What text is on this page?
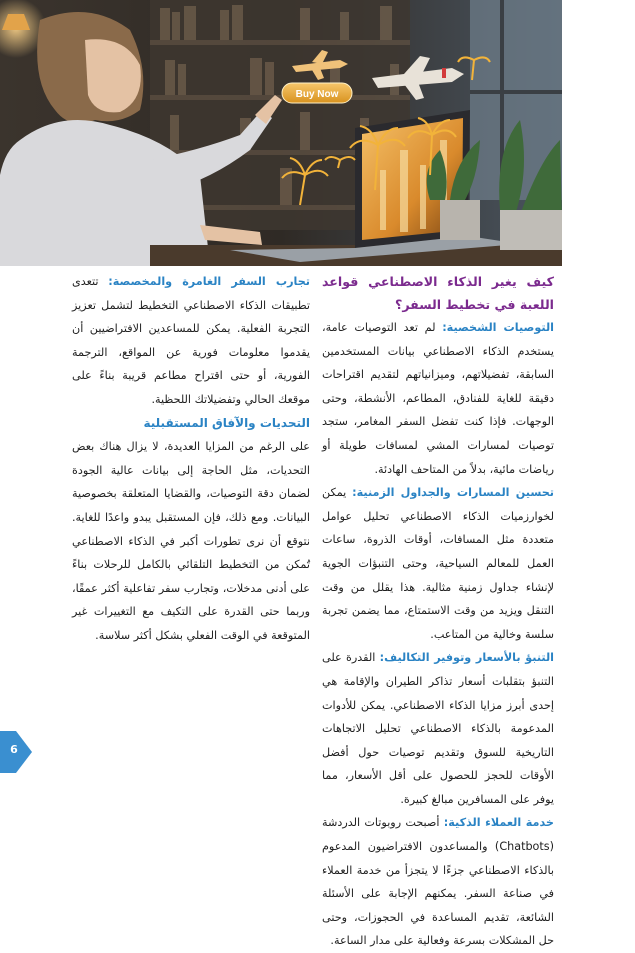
Buy Now

كيف يغير الذكاء الاصطناعي قواعد اللعبة في تخطيط السفر؟

التوصيات الشخصية: لم تعد التوصيات عامة، يستخدم الذكاء الاصطناعي بيانات المستخدمين السابقة، تفضيلاتهم، وميزانياتهم لتقديم اقتراحات دقيقة للغاية للفنادق، المطاعم، الأنشطة، وحتى الوجهات. فإذا كنت تفضل السفر المغامر، ستجد توصيات لمسارات المشي لمسافات طويلة أو رياضات مائية، بدلاً من المتاحف الهادئة.

تحسين المسارات والجداول الزمنية: يمكن لخوارزميات الذكاء الاصطناعي تحليل عوامل متعددة مثل المسافات، أوقات الذروة، ساعات العمل للمعالم السياحية، وحتى التنبؤات الجوية لإنشاء جداول زمنية مثالية. هذا يقلل من وقت التنقل ويزيد من وقت الاستمتاع، مما يضمن تجربة سلسة وخالية من المتاعب.

التنبؤ بالأسعار وتوفير التكاليف: القدرة على التنبؤ بتقلبات أسعار تذاكر الطيران والإقامة هي إحدى أبرز مزايا الذكاء الاصطناعي. يمكن للأدوات المدعومة بالذكاء الاصطناعي تحليل الاتجاهات التاريخية للسوق وتقديم توصيات حول أفضل الأوقات للحجز للحصول على أقل الأسعار، مما يوفر على المسافرين مبالغ كبيرة.

خدمة العملاء الذكية: أصبحت روبوتات الدردشة (Chatbots) والمساعدون الافتراضيون المدعوم بالذكاء الاصطناعي جزءًا لا يتجزأ من خدمة العملاء في صناعة السفر. يمكنهم الإجابة على الأسئلة الشائعة، تقديم المساعدة في الحجوزات، وحتى حل المشكلات بسرعة وفعالية على مدار الساعة.

تجارب السفر الغامرة والمخصصة: تتعدى تطبيقات الذكاء الاصطناعي التخطيط لتشمل تعزيز التجربة الفعلية. يمكن للمساعدين الافتراضيين أن يقدموا معلومات فورية عن المواقع، الترجمة الفورية، أو حتى اقتراح مطاعم قريبة بناءً على موقعك الحالي وتفضيلاتك اللحظية.

التحديات والآفاق المستقبلية

على الرغم من المزايا العديدة، لا يزال هناك بعض التحديات، مثل الحاجة إلى بيانات عالية الجودة لضمان دقة التوصيات، والقضايا المتعلقة بخصوصية البيانات. ومع ذلك، فإن المستقبل يبدو واعدًا للغاية. نتوقع أن نرى تطورات أكبر في الذكاء الاصطناعي تُمكن من التخطيط التلقائي بالكامل للرحلات بناءً على أدنى مدخلات، وتجارب سفر تفاعلية أكثر عمقًا، وربما حتى القدرة على التكيف مع التغييرات غير المتوقعة في الوقت الفعلي بشكل أكثر سلاسة.

6
